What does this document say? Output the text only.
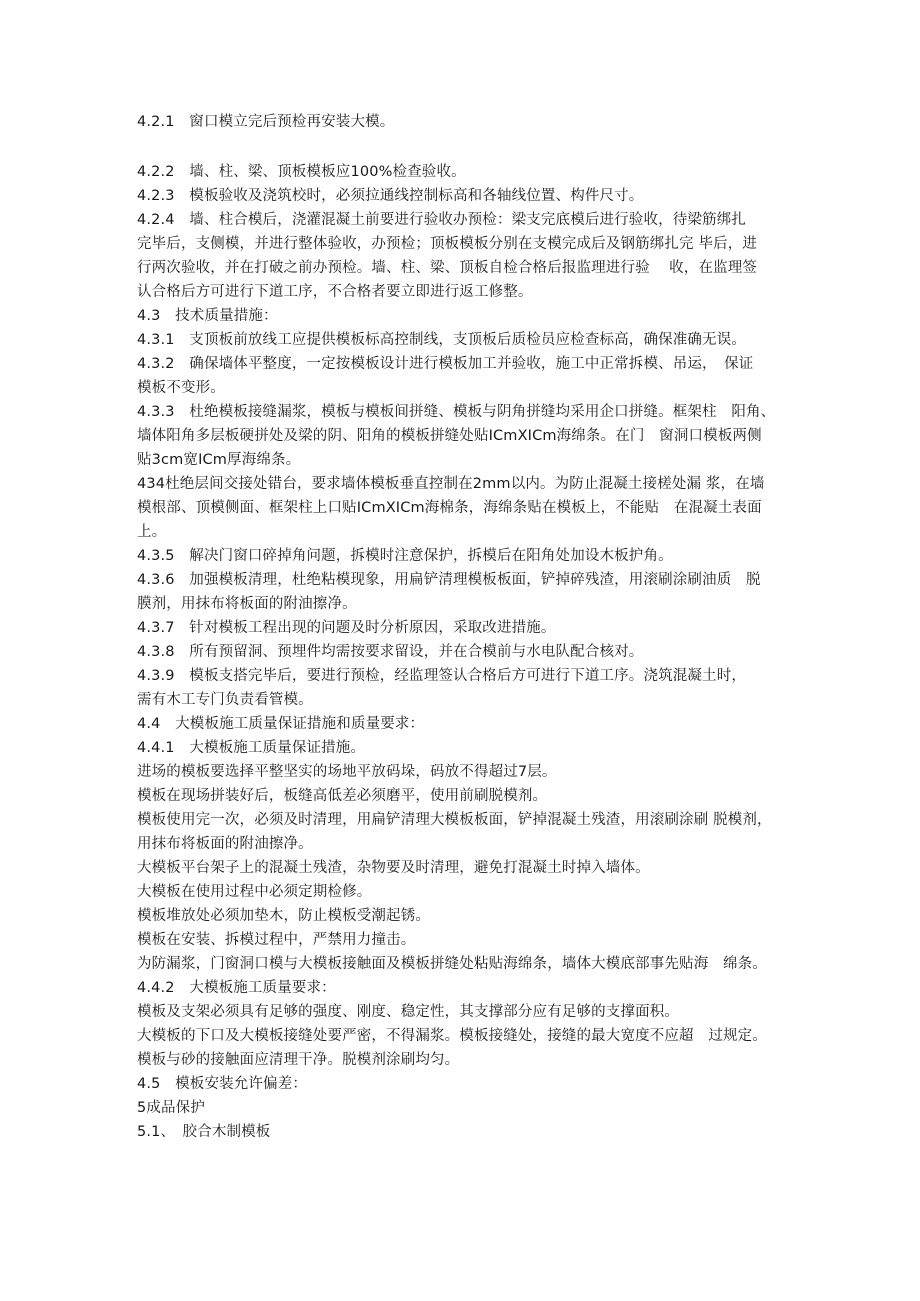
4.2.1　窗口模立完后预检再安装大模。
4.2.2　墙、柱、梁、顶板模板应100%检查验收。
4.2.3　模板验收及浇筑校时，必须拉通线控制标高和各轴线位置、构件尺寸。
4.2.4　墙、柱合模后，浇灌混凝土前要进行验收办预检：梁支完底模后进行验收，待梁筋绑扎
完毕后，支侧模，并进行整体验收，办预检；顶板模板分别在支模完成后及钢筋绑扎完 毕后，进
行两次验收，并在打破之前办预检。墙、柱、梁、顶板自检合格后报监理进行验　 收，在监理签
认合格后方可进行下道工序，不合格者要立即进行返工修整。
4.3　技术质量措施：
4.3.1　支顶板前放线工应提供模板标高控制线，支顶板后质检员应检查标高，确保准确无误。
4.3.2　确保墙体平整度，一定按模板设计进行模板加工并验收，施工中正常拆模、吊运，　保证
模板不变形。
4.3.3　杜绝模板接缝漏浆，模板与模板间拼缝、模板与阴角拼缝均采用企口拼缝。框架柱　阳角、
墙体阳角多层板硬拼处及梁的阴、阳角的模板拼缝处贴ICmXICm海绵条。在门　窗洞口模板两侧
贴3cm宽ICm厚海绵条。
434杜绝层间交接处错台，要求墙体模板垂直控制在2mm以内。为防止混凝土接槎处漏 浆，在墙
模根部、顶模侧面、框架柱上口贴ICmXICm海棉条，海绵条贴在模板上，不能贴　在混凝土表面
上。
4.3.5　解决门窗口碎掉角问题，拆模时注意保护，拆模后在阳角处加设木板护角。
4.3.6　加强模板清理，杜绝粘模现象，用扁铲清理模板板面，铲掉碎残渣，用滚刷涂刷油质　脱
膜剂，用抹布将板面的附油擦净。
4.3.7　针对模板工程出现的问题及时分析原因，采取改进措施。
4.3.8　所有预留洞、预埋件均需按要求留设，并在合模前与水电队配合核对。
4.3.9　模板支搭完毕后，要进行预检，经监理签认合格后方可进行下道工序。浇筑混凝土时，
需有木工专门负责看管模。
4.4　大模板施工质量保证措施和质量要求：
4.4.1　大模板施工质量保证措施。
进场的模板要选择平整坚实的场地平放码垛，码放不得超过7层。
模板在现场拼装好后，板缝高低差必须磨平，使用前刷脱模剂。
模板使用完一次，必须及时清理，用扁铲清理大模板板面，铲掉混凝土残渣，用滚刷涂刷 脱模剂，
用抹布将板面的附油擦净。
大模板平台架子上的混凝土残渣，杂物要及时清理，避免打混凝土时掉入墙体。
大模板在使用过程中必须定期检修。
模板堆放处必须加垫木，防止模板受潮起锈。
模板在安装、拆模过程中，严禁用力撞击。
为防漏浆，门窗洞口模与大模板接触面及模板拼缝处粘贴海绵条，墙体大模底部事先贴海　绵条。
4.4.2　大模板施工质量要求：
模板及支架必须具有足够的强度、刚度、稳定性，其支撑部分应有足够的支撑面积。
大模板的下口及大模板接缝处要严密，不得漏浆。模板接缝处，接缝的最大宽度不应超　过规定。
模板与砂的接触面应清理干净。脱模剂涂刷均匀。
4.5　模板安装允许偏差：
5成品保护
5.1、　胶合木制模板
